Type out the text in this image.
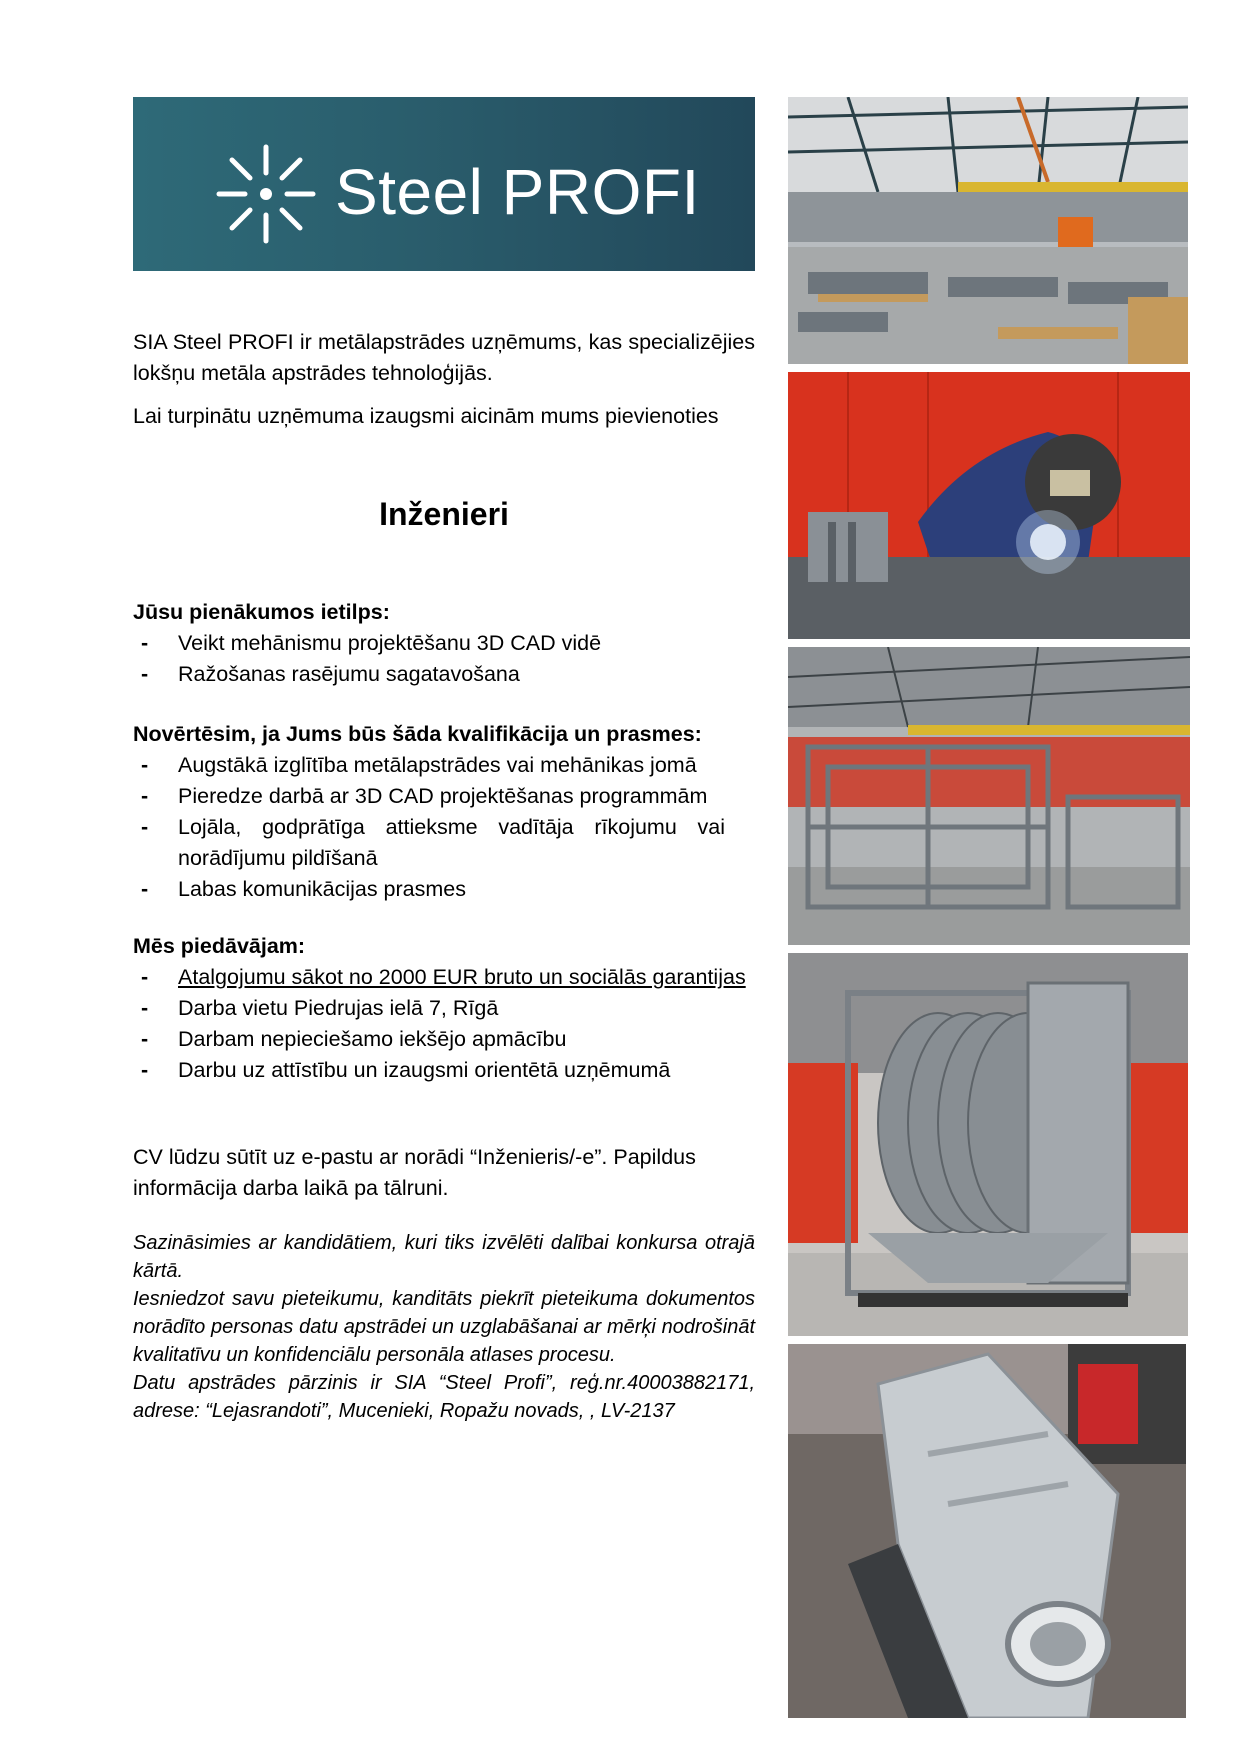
Steel PROFI
SIA Steel PROFI ir metālapstrādes uzņēmums, kas specializējies lokšņu metāla apstrādes tehnoloģijās.
Lai turpinātu uzņēmuma izaugsmi aicinām mums pievienoties
Inženieri
Jūsu pienākumos ietilps:
- Veikt mehānismu projektēšanu 3D CAD vidē
- Ražošanas rasējumu sagatavošana
Novērtēsim, ja Jums būs šāda kvalifikācija un prasmes:
- Augstākā izglītība metālapstrādes vai mehānikas jomā
- Pieredze darbā ar 3D CAD projektēšanas programmām
- Lojāla, godprātīga attieksme vadītāja rīkojumu vai norādījumu pildīšanā
- Labas komunikācijas prasmes
Mēs piedāvājam:
- Atalgojumu sākot no 2000 EUR bruto un sociālās garantijas
- Darba vietu Piedrujas ielā 7, Rīgā
- Darbam nepieciešamo iekšējo apmācību
- Darbu uz attīstību un izaugsmi orientētā uzņēmumā
CV lūdzu sūtīt uz e-pastu ar norādi “Inženieris/-e”. Papildus informācija darba laikā pa tālruni.
Sazināsimies ar kandidātiem, kuri tiks izvēlēti dalībai konkursa otrajā kārtā.
Iesniedzot savu pieteikumu, kanditāts piekrīt pieteikuma dokumentos norādīto personas datu apstrādei un uzglabāšanai ar mērķi nodrošināt kvalitatīvu un konfidenciālu personāla atlases procesu.
Datu apstrādes pārzinis ir SIA “Steel Profi”, reģ.nr.40003882171, adrese: “Lejasrandoti”, Mucenieki, Ropažu novads, , LV-2137
